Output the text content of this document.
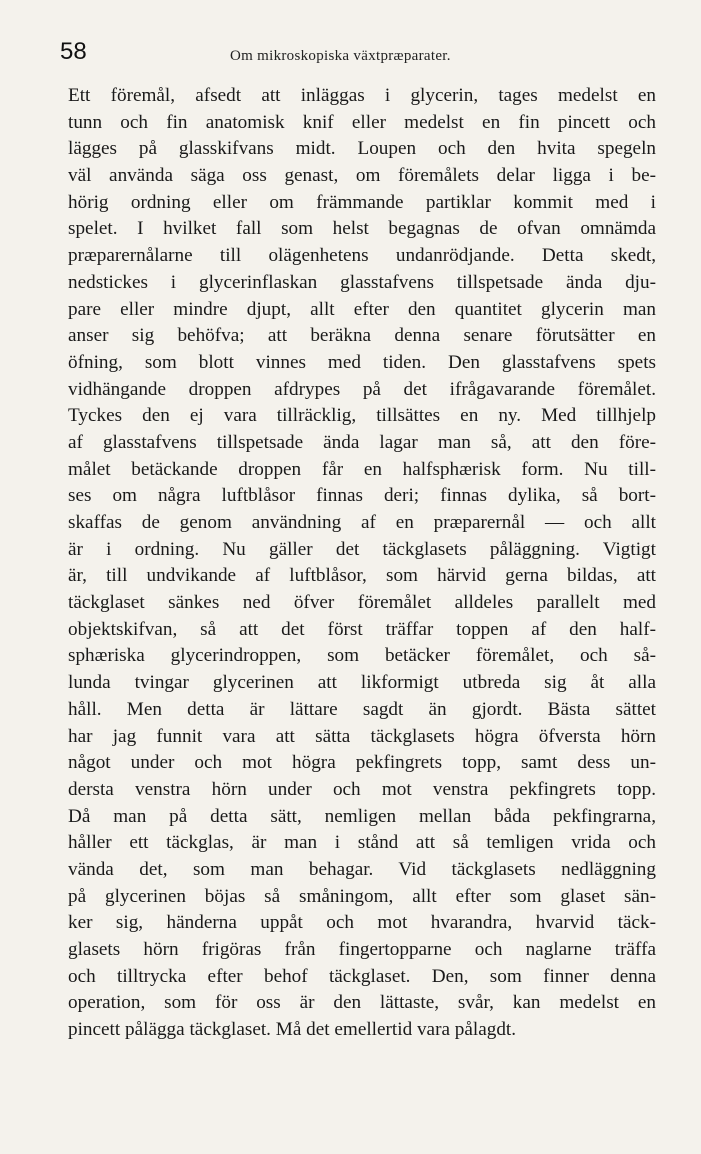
58	Om mikroskopiska växtpræparater.
Ett föremål, afsedt att inläggas i glycerin, tages medelst en
tunn och fin anatomisk knif eller medelst en fin pincett och
lägges på glasskifvans midt. Loupen och den hvita spegeln
väl använda säga oss genast, om föremålets delar ligga i be-
hörig ordning eller om främmande partiklar kommit med i
spelet. I hvilket fall som helst begagnas de ofvan omnämda
præparernålarne till olägenhetens undanrödjande. Detta skedt,
nedstickes i glycerinflaskan glasstafvens tillspetsade ända dju-
pare eller mindre djupt, allt efter den quantitet glycerin man
anser sig behöfva; att beräkna denna senare förutsätter en
öfning, som blott vinnes med tiden. Den glasstafvens spets
vidhängande droppen afdrypes på det ifrågavarande föremålet.
Tyckes den ej vara tillräcklig, tillsättes en ny. Med tillhjelp
af glasstafvens tillspetsade ända lagar man så, att den före-
målet betäckande droppen får en halfsphærisk form. Nu till-
ses om några luftblåsor finnas deri; finnas dylika, så bort-
skaffas de genom användning af en præparernål — och allt
är i ordning. Nu gäller det täckglasets påläggning. Vigtigt
är, till undvikande af luftblåsor, som härvid gerna bildas, att
täckglaset sänkes ned öfver föremålet alldeles parallelt med
objektskifvan, så att det först träffar toppen af den half-
sphæriska glycerindroppen, som betäcker föremålet, och så-
lunda tvingar glycerinen att likformigt utbreda sig åt alla
håll. Men detta är lättare sagdt än gjordt. Bästa sättet
har jag funnit vara att sätta täckglasets högra öfversta hörn
något under och mot högra pekfingrets topp, samt dess un-
dersta venstra hörn under och mot venstra pekfingrets topp.
Då man på detta sätt, nemligen mellan båda pekfingrarna,
håller ett täckglas, är man i stånd att så temligen vrida och
vända det, som man behagar. Vid täckglasets nedläggning
på glycerinen böjas så småningom, allt efter som glaset sän-
ker sig, händerna uppåt och mot hvarandra, hvarvid täck-
glasets hörn frigöras från fingertopparne och naglarne träffa
och tilltrycka efter behof täckglaset. Den, som finner denna
operation, som för oss är den lättaste, svår, kan medelst en
pincett pålägga täckglaset. Må det emellertid vara pålagdt.
